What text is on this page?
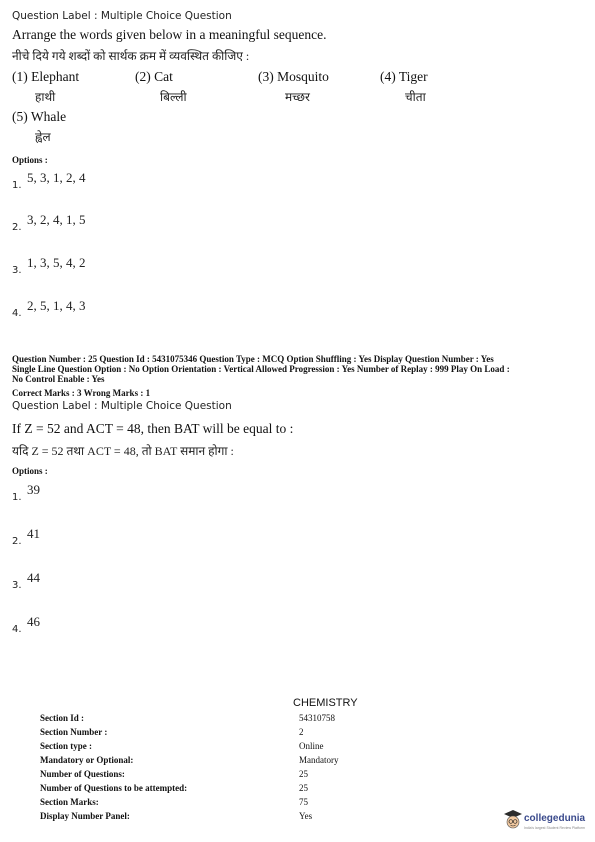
Question Label : Multiple Choice Question
Arrange the words given below in a meaningful sequence.
नीचे दिये गये शब्दों को सार्थक क्रम में व्यवस्थित कीजिए :
(1) Elephant
हाथी
(2) Cat
बिल्ली
(3) Mosquito
मच्छर
(4) Tiger
चीता
(5) Whale
ह्वेल
Options :
1.
5, 3, 1, 2, 4
2.
3, 2, 4, 1, 5
3.
1, 3, 5, 4, 2
4.
2, 5, 1, 4, 3
Question Number : 25 Question Id : 5431075346 Question Type : MCQ Option Shuffling : Yes Display Question Number : Yes
Single Line Question Option : No Option Orientation : Vertical Allowed Progression : Yes Number of Replay : 999 Play On Load :
No Control Enable : Yes
Correct Marks : 3 Wrong Marks : 1
Question Label : Multiple Choice Question
If Z = 52 and ACT = 48, then BAT will be equal to :
यदि Z = 52 तथा ACT = 48, तो BAT समान होगा :
Options :
1.
39
2.
41
3.
44
4.
46
CHEMISTRY
Section Id :	54310758
Section Number :	2
Section type :	Online
Mandatory or Optional:	Mandatory
Number of Questions:	25
Number of Questions to be attempted:	25
Section Marks:	75
Display Number Panel:	Yes	collegedunia
India's largest Student Review Platform
